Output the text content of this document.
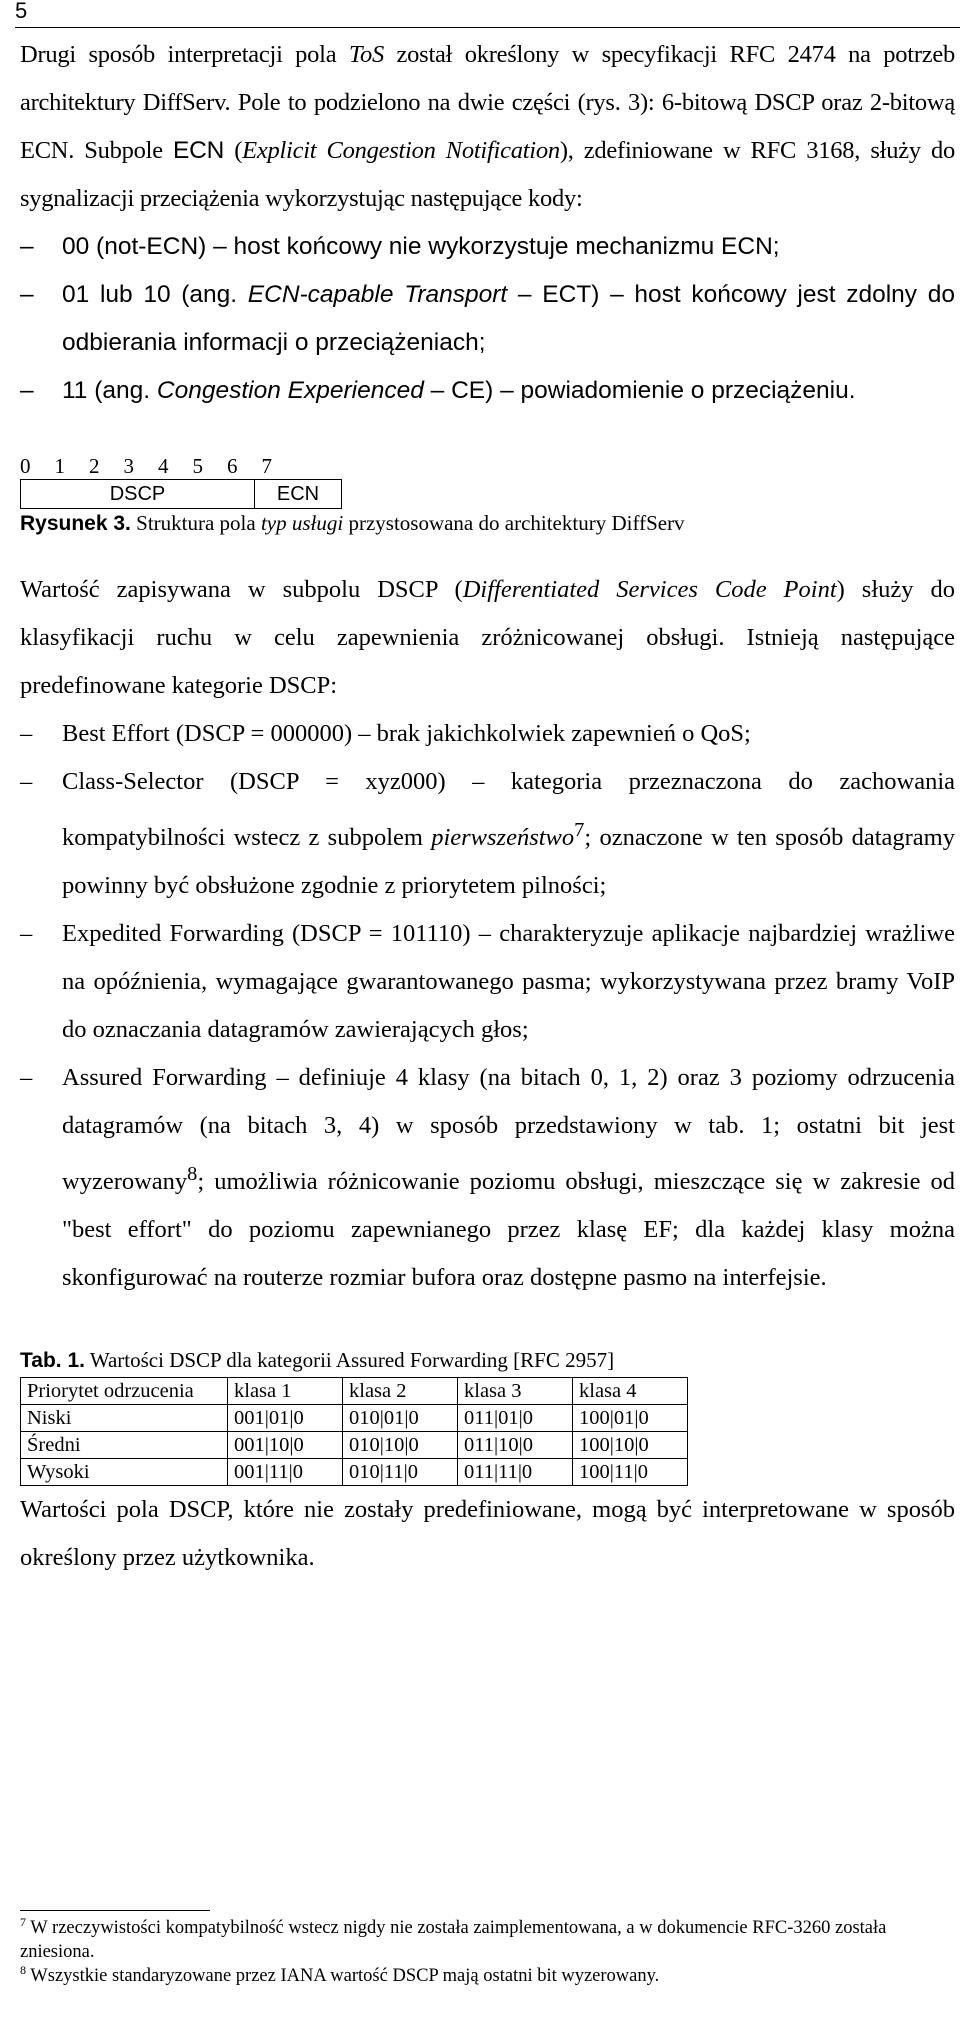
5

Drugi sposób interpretacji pola ToS został określony w specyfikacji RFC 2474 na potrzeb architektury DiffServ. Pole to podzielono na dwie części (rys. 3): 6-bitową DSCP oraz 2-bitową ECN. Subpole ECN (Explicit Congestion Notification), zdefiniowane w RFC 3168, służy do sygnalizacji przeciążenia wykorzystując następujące kody:

–	00 (not-ECN) – host końcowy nie wykorzystuje mechanizmu ECN;
–	01 lub 10 (ang. ECN-capable Transport – ECT) – host końcowy jest zdolny do odbierania informacji o przeciążeniach;
–	11 (ang. Congestion Experienced – CE) – powiadomienie o przeciążeniu.
0	1	2	3	4	5	6	7
DSCP	ECN
Rysunek 3. Struktura pola typ usługi przystosowana do architektury DiffServ

Wartość zapisywana w subpolu DSCP (Differentiated Services Code Point) służy do klasyfikacji ruchu w celu zapewnienia zróżnicowanej obsługi. Istnieją następujące predefinowane kategorie DSCP:

–	Best Effort (DSCP = 000000) – brak jakichkolwiek zapewnień o QoS;
–	Class-Selector (DSCP = xyz000) – kategoria przeznaczona do zachowania kompatybilności wstecz z subpolem pierwszeństwo$^7$; oznaczone w ten sposób datagramy powinny być obsłużone zgodnie z priorytetem pilności;
–	Expedited Forwarding (DSCP = 101110) – charakteryzuje aplikacje najbardziej wrażliwe na opóźnienia, wymagające gwarantowanego pasma; wykorzystywana przez bramy VoIP do oznaczania datagramów zawierających głos;
–	Assured Forwarding – definiuje 4 klasy (na bitach 0, 1, 2) oraz 3 poziomy odrzucenia datagramów (na bitach 3, 4) w sposób przedstawiony w tab. 1; ostatni bit jest wyzerowany$^8$; umożliwia różnicowanie poziomu obsługi, mieszczące się w zakresie od "best effort" do poziomu zapewnianego przez klasę EF; dla każdej klasy można skonfigurować na routerze rozmiar bufora oraz dostępne pasmo na interfejsie.
Tab. 1. Wartości DSCP dla kategorii Assured Forwarding [RFC 2957]
Priorytet odrzucenia	klasa 1	klasa 2	klasa 3	klasa 4
Niski	001|01|0	010|01|0	011|01|0	100|01|0
Średni	001|10|0	010|10|0	011|10|0	100|10|0
Wysoki	001|11|0	010|11|0	011|11|0	100|11|0

Wartości pola DSCP, które nie zostały predefiniowane, mogą być interpretowane w sposób określony przez użytkownika.

$^7$ W rzeczywistości kompatybilność wstecz nigdy nie została zaimplementowana, a w dokumencie RFC-3260 została zniesiona.
$^8$ Wszystkie standaryzowane przez IANA wartość DSCP mają ostatni bit wyzerowany.
